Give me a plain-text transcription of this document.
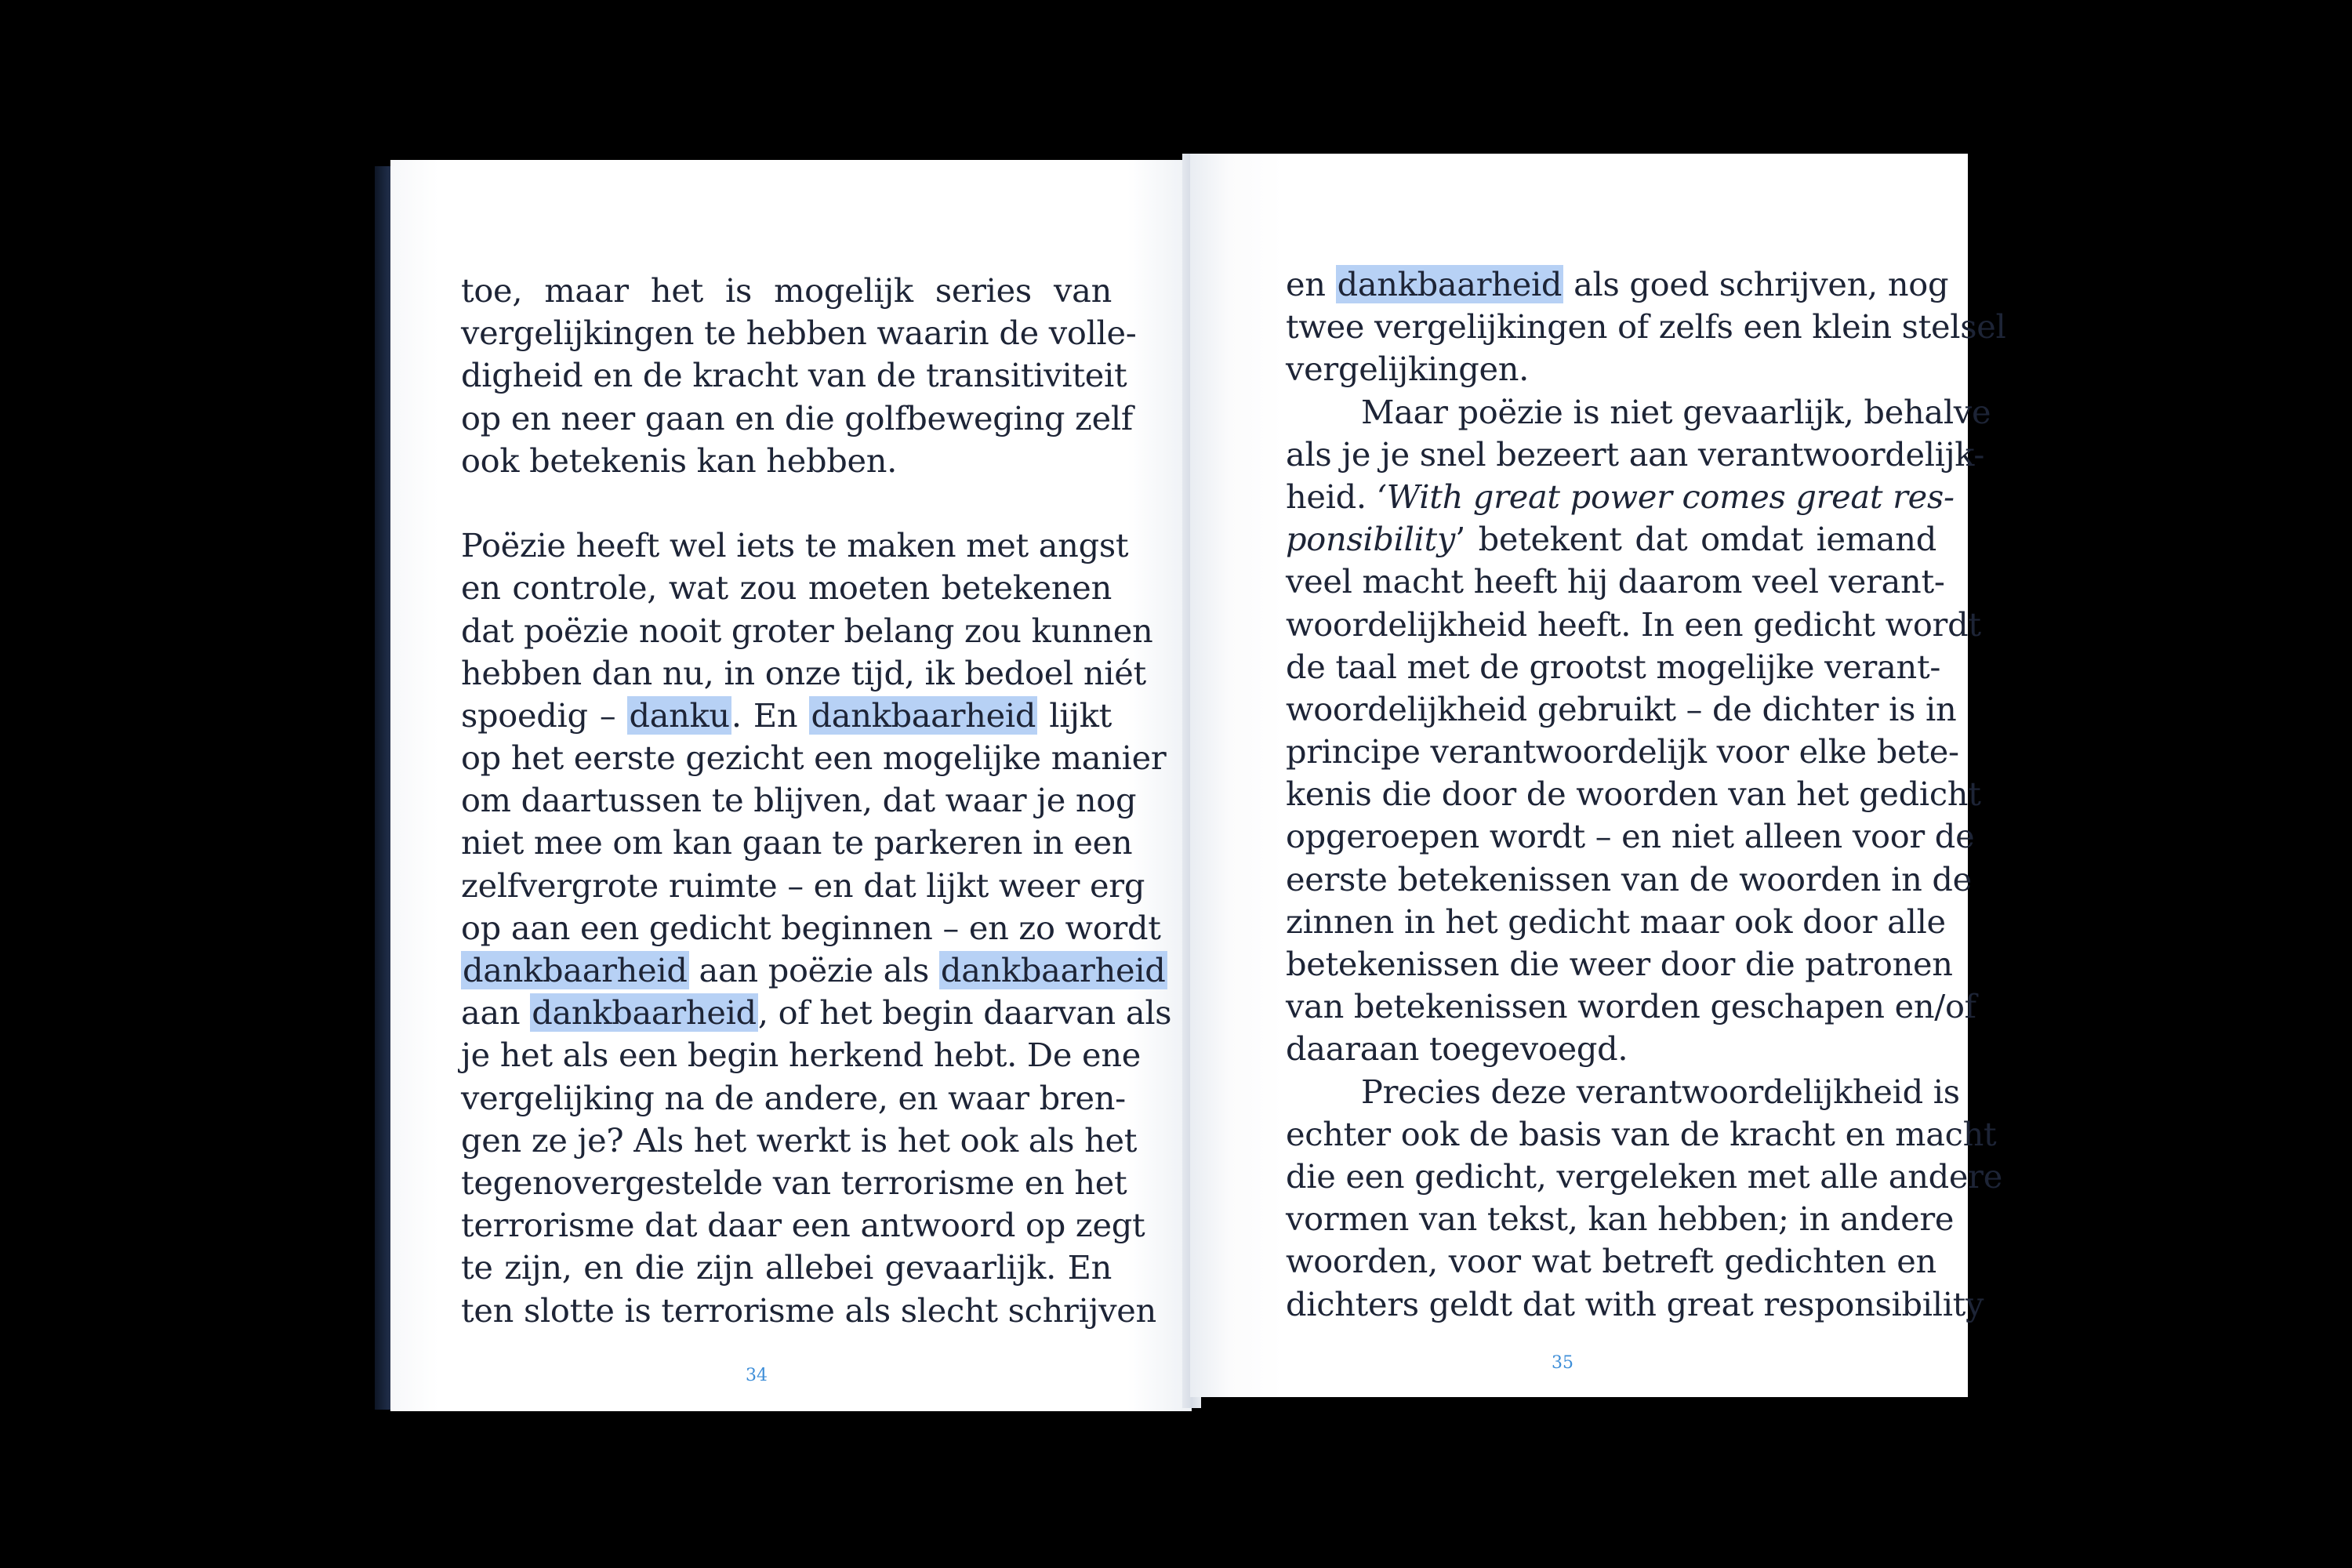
toe, maar het is mogelijk series van
vergelijkingen te hebben waarin de volle-
digheid en de kracht van de transitiviteit
op en neer gaan en die golfbeweging zelf
ook betekenis kan hebben.
Poëzie heeft wel iets te maken met angst
en controle, wat zou moeten betekenen
dat poëzie nooit groter belang zou kunnen
hebben dan nu, in onze tijd, ik bedoel niét
spoedig – danku. En dankbaarheid lijkt
op het eerste gezicht een mogelijke manier
om daartussen te blijven, dat waar je nog
niet mee om kan gaan te parkeren in een
zelfvergrote ruimte – en dat lijkt weer erg
op aan een gedicht beginnen – en zo wordt
dankbaarheid aan poëzie als dankbaarheid
aan dankbaarheid, of het begin daarvan als
je het als een begin herkend hebt. De ene
vergelijking na de andere, en waar bren-
gen ze je? Als het werkt is het ook als het
tegenovergestelde van terrorisme en het
terrorisme dat daar een antwoord op zegt
te zijn, en die zijn allebei gevaarlijk. En
ten slotte is terrorisme als slecht schrijven
34
en dankbaarheid als goed schrijven, nog
twee vergelijkingen of zelfs een klein stelsel
vergelijkingen.
Maar poëzie is niet gevaarlijk, behalve
als je je snel bezeert aan verantwoordelijk-
heid. ‘With great power comes great res-
ponsibility’ betekent dat omdat iemand
veel macht heeft hij daarom veel verant-
woordelijkheid heeft. In een gedicht wordt
de taal met de grootst mogelijke verant-
woordelijkheid gebruikt – de dichter is in
principe verantwoordelijk voor elke bete-
kenis die door de woorden van het gedicht
opgeroepen wordt – en niet alleen voor de
eerste betekenissen van de woorden in de
zinnen in het gedicht maar ook door alle
betekenissen die weer door die patronen
van betekenissen worden geschapen en/of
daaraan toegevoegd.
Precies deze verantwoordelijkheid is
echter ook de basis van de kracht en macht
die een gedicht, vergeleken met alle andere
vormen van tekst, kan hebben; in andere
woorden, voor wat betreft gedichten en
dichters geldt dat with great responsibility
35
